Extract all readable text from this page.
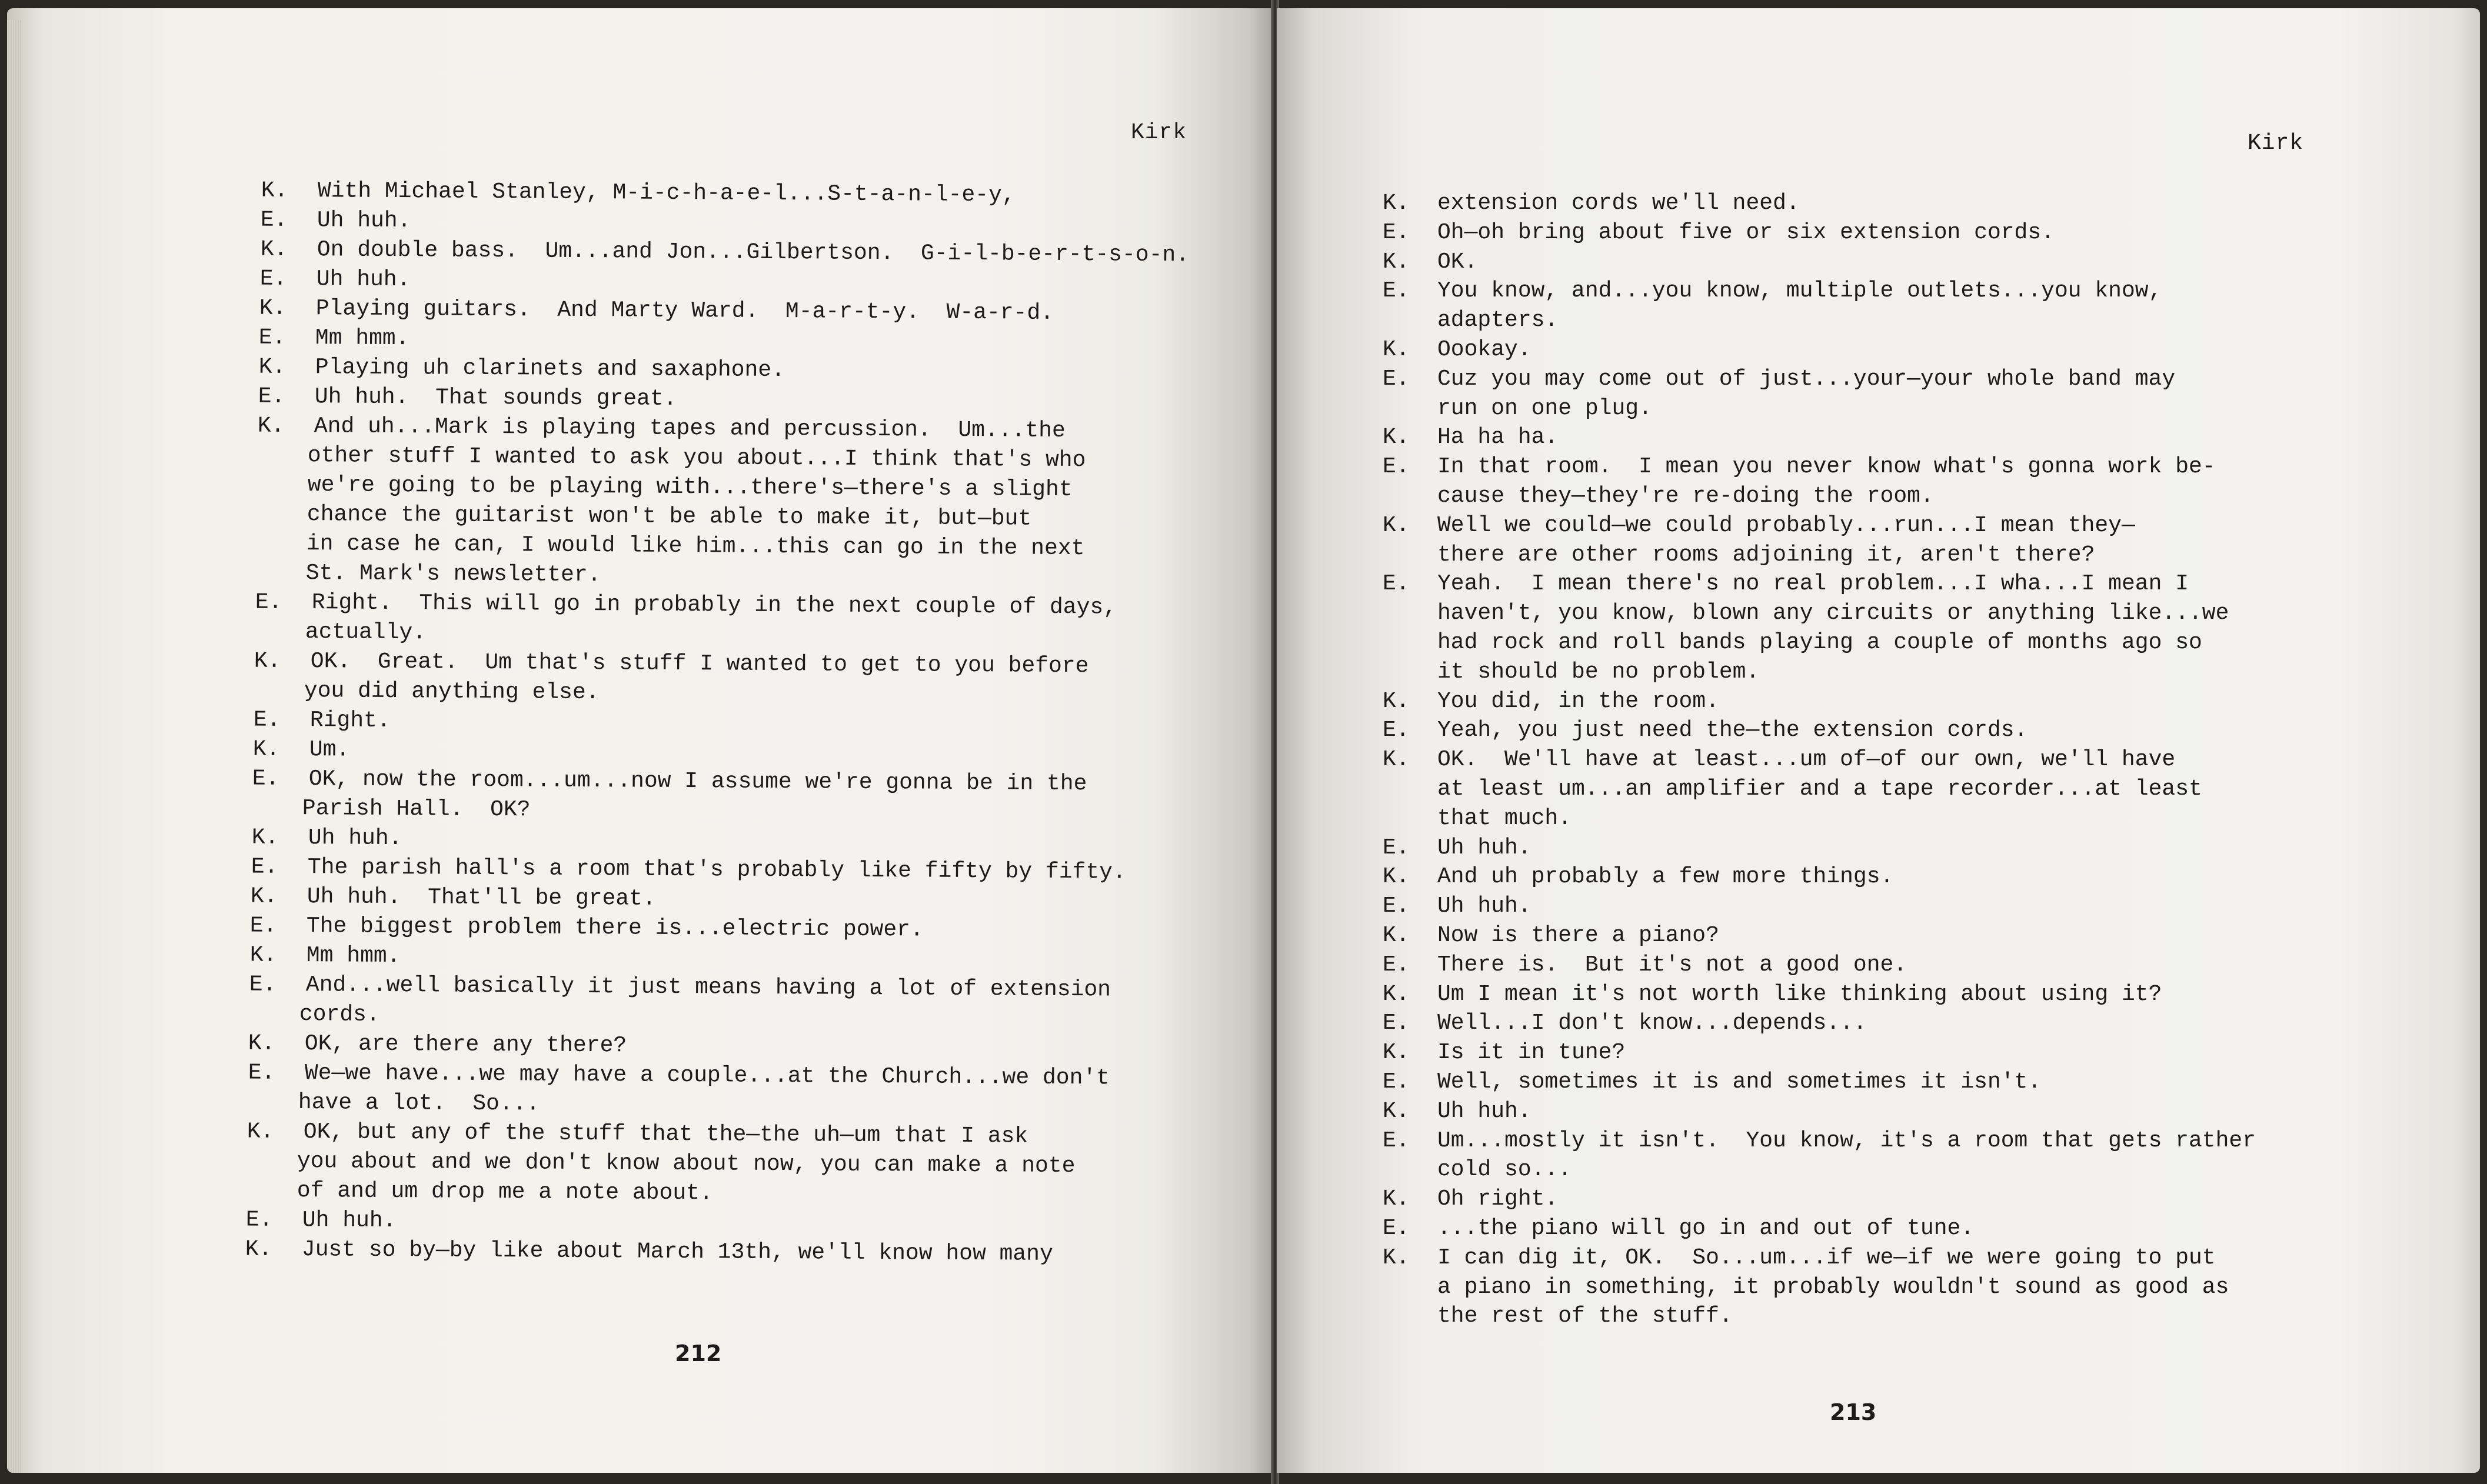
Kirk
K. With Michael Stanley, M-i-c-h-a-e-l...S-t-a-n-l-e-y,
E. Uh huh.
K. On double bass.  Um...and Jon...Gilbertson.  G-i-l-b-e-r-t-s-o-n.
E. Uh huh.
K. Playing guitars.  And Marty Ward.  M-a-r-t-y.  W-a-r-d.
E. Mm hmm.
K. Playing uh clarinets and saxaphone.
E. Uh huh.  That sounds great.
K. And uh...Mark is playing tapes and percussion.  Um...the
other stuff I wanted to ask you about...I think that's who
we're going to be playing with...there's—there's a slight
chance the guitarist won't be able to make it, but—but
in case he can, I would like him...this can go in the next
St. Mark's newsletter.
E. Right.  This will go in probably in the next couple of days,
actually.
K. OK.  Great.  Um that's stuff I wanted to get to you before
you did anything else.
E. Right.
K. Um.
E. OK, now the room...um...now I assume we're gonna be in the
Parish Hall.  OK?
K. Uh huh.
E. The parish hall's a room that's probably like fifty by fifty.
K. Uh huh.  That'll be great.
E. The biggest problem there is...electric power.
K. Mm hmm.
E. And...well basically it just means having a lot of extension
cords.
K. OK, are there any there?
E. We—we have...we may have a couple...at the Church...we don't
have a lot.  So...
K. OK, but any of the stuff that the—the uh—um that I ask
you about and we don't know about now, you can make a note
of and um drop me a note about.
E. Uh huh.
K. Just so by—by like about March 13th, we'll know how many
212
Kirk
K. extension cords we'll need.
E. Oh—oh bring about five or six extension cords.
K. OK.
E. You know, and...you know, multiple outlets...you know,
adapters.
K. Oookay.
E. Cuz you may come out of just...your—your whole band may
run on one plug.
K. Ha ha ha.
E. In that room.  I mean you never know what's gonna work be-
cause they—they're re-doing the room.
K. Well we could—we could probably...run...I mean they—
there are other rooms adjoining it, aren't there?
E. Yeah.  I mean there's no real problem...I wha...I mean I
haven't, you know, blown any circuits or anything like...we
had rock and roll bands playing a couple of months ago so
it should be no problem.
K. You did, in the room.
E. Yeah, you just need the—the extension cords.
K. OK.  We'll have at least...um of—of our own, we'll have
at least um...an amplifier and a tape recorder...at least
that much.
E. Uh huh.
K. And uh probably a few more things.
E. Uh huh.
K. Now is there a piano?
E. There is.  But it's not a good one.
K. Um I mean it's not worth like thinking about using it?
E. Well...I don't know...depends...
K. Is it in tune?
E. Well, sometimes it is and sometimes it isn't.
K. Uh huh.
E. Um...mostly it isn't.  You know, it's a room that gets rather
cold so...
K. Oh right.
E. ...the piano will go in and out of tune.
K. I can dig it, OK.  So...um...if we—if we were going to put
a piano in something, it probably wouldn't sound as good as
the rest of the stuff.
213
